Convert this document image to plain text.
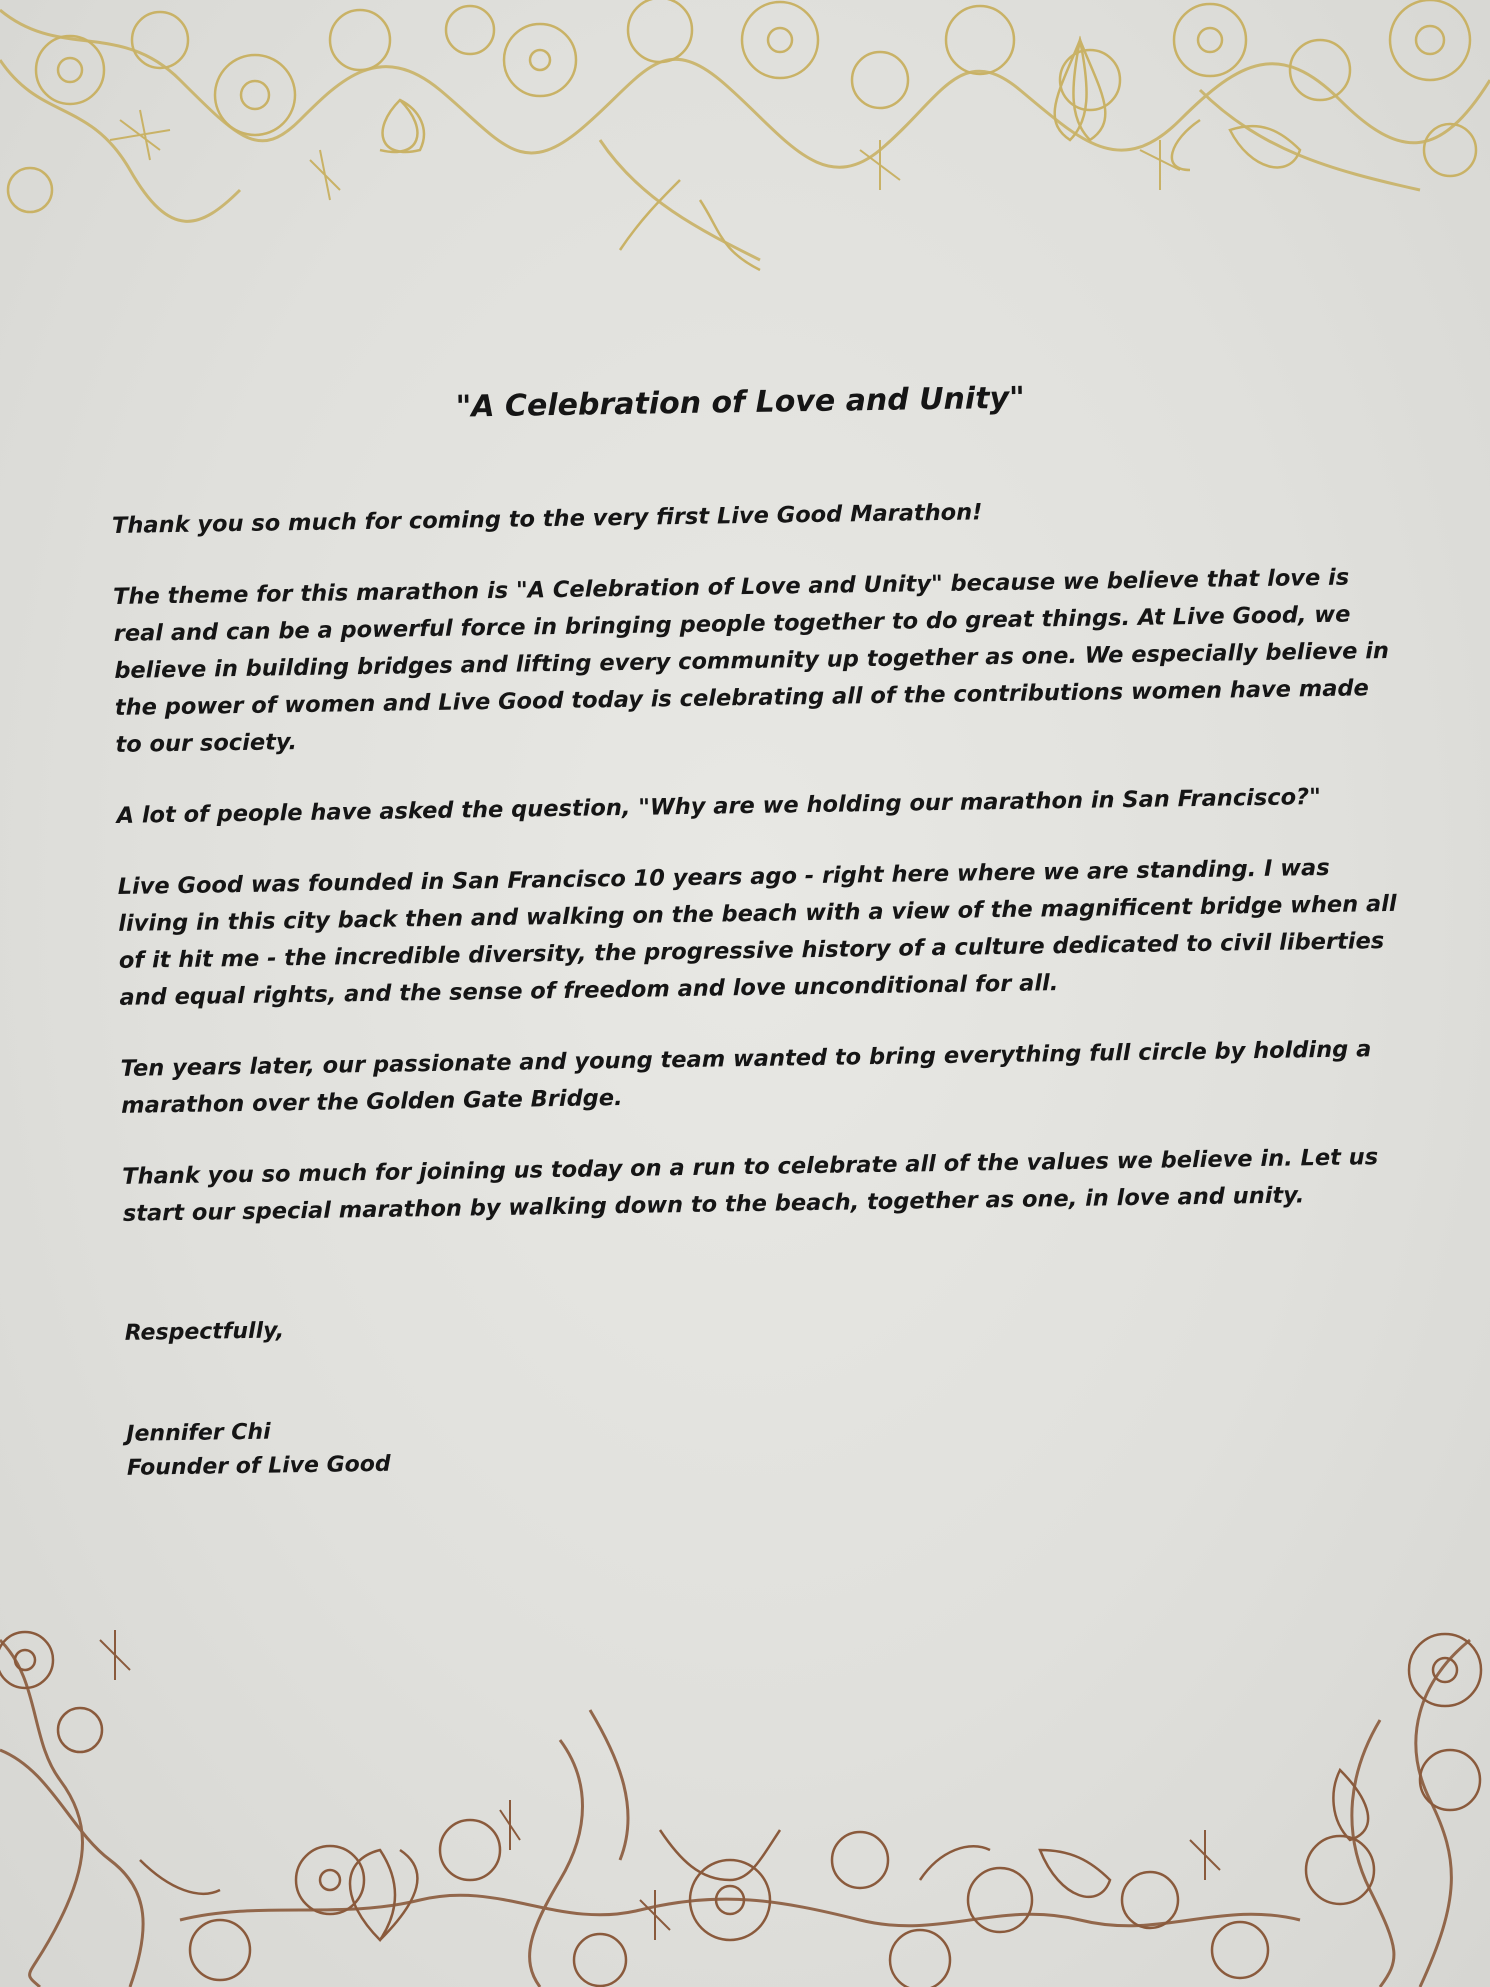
"A Celebration of Love and Unity"

Thank you so much for coming to the very first Live Good Marathon!

The theme for this marathon is "A Celebration of Love and Unity" because we believe that love is real and can be a powerful force in bringing people together to do great things. At Live Good, we believe in building bridges and lifting every community up together as one. We especially believe in the power of women and Live Good today is celebrating all of the contributions women have made to our society.

A lot of people have asked the question, "Why are we holding our marathon in San Francisco?"

Live Good was founded in San Francisco 10 years ago - right here where we are standing. I was living in this city back then and walking on the beach with a view of the magnificent bridge when all of it hit me - the incredible diversity, the progressive history of a culture dedicated to civil liberties and equal rights, and the sense of freedom and love unconditional for all.

Ten years later, our passionate and young team wanted to bring everything full circle by holding a marathon over the Golden Gate Bridge.

Thank you so much for joining us today on a run to celebrate all of the values we believe in. Let us start our special marathon by walking down to the beach, together as one, in love and unity.

Respectfully,

Jennifer Chi

Founder of Live Good
